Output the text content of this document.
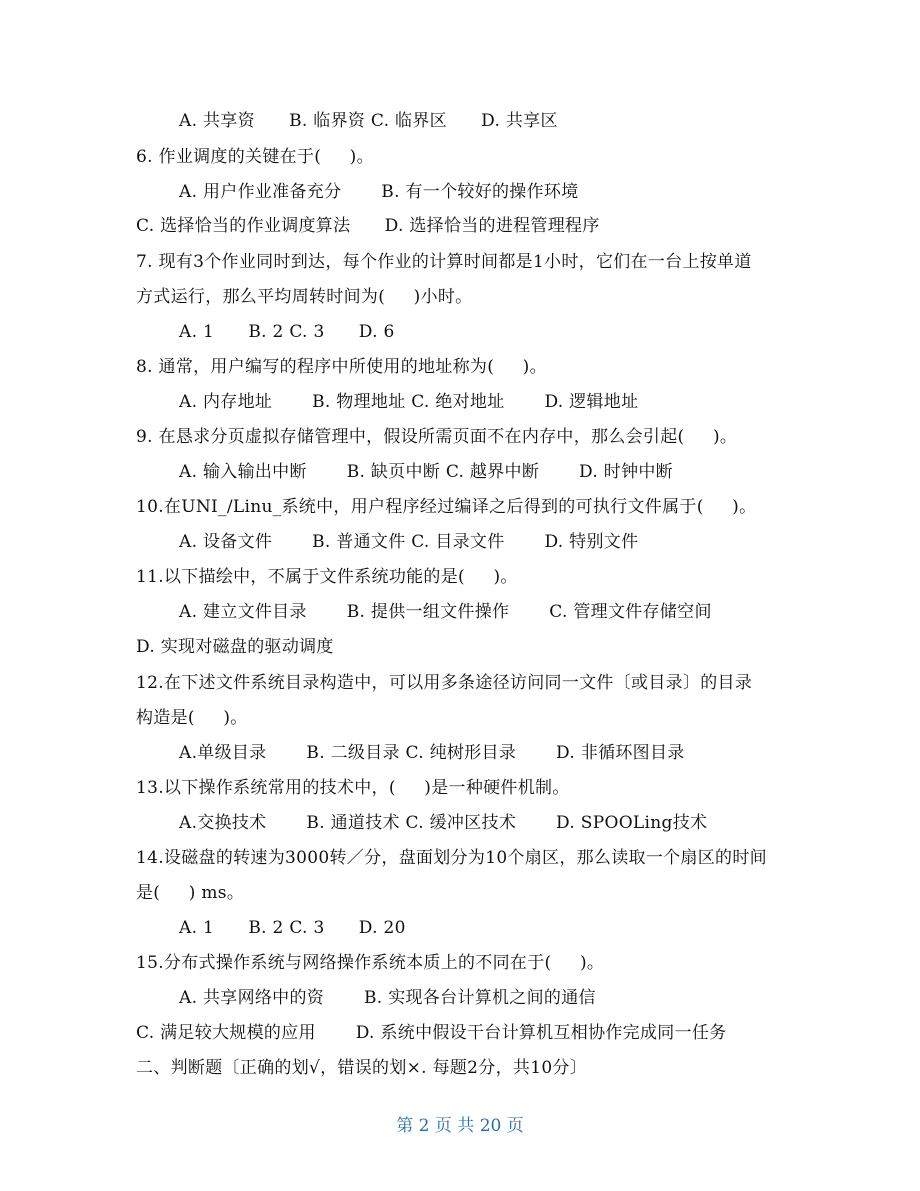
A. 共享资      B. 临界资 C. 临界区      D. 共享区
6. 作业调度的关键在于(     )。
A. 用户作业准备充分       B. 有一个较好的操作环境
C. 选择恰当的作业调度算法      D. 选择恰当的进程管理程序
7. 现有3个作业同时到达，每个作业的计算时间都是1小时，它们在一台上按单道
方式运行，那么平均周转时间为(     )小时。
A. 1      B. 2 C. 3      D. 6
8. 通常，用户编写的程序中所使用的地址称为(     )。
A. 内存地址       B. 物理地址 C. 绝对地址       D. 逻辑地址
9. 在恳求分页虚拟存储管理中，假设所需页面不在内存中，那么会引起(     )。
A. 输入输出中断       B. 缺页中断 C. 越界中断       D. 时钟中断
10.在UNI_/Linu_系统中，用户程序经过编译之后得到的可执行文件属于(     )。
A. 设备文件       B. 普通文件 C. 目录文件       D. 特别文件
11.以下描绘中，不属于文件系统功能的是(     )。
A. 建立文件目录       B. 提供一组文件操作       C. 管理文件存储空间
D. 实现对磁盘的驱动调度
12.在下述文件系统目录构造中，可以用多条途径访问同一文件〔或目录〕的目录
构造是(     )。
A.单级目录       B. 二级目录 C. 纯树形目录       D. 非循环图目录
13.以下操作系统常用的技术中，(     )是一种硬件机制。
A.交换技术       B. 通道技术 C. 缓冲区技术       D. SPOOLing技术
14.设磁盘的转速为3000转／分，盘面划分为10个扇区，那么读取一个扇区的时间
是(     ) ms。
A. 1      B. 2 C. 3      D. 20
15.分布式操作系统与网络操作系统本质上的不同在于(     )。
A. 共享网络中的资       B. 实现各台计算机之间的通信
C. 满足较大规模的应用       D. 系统中假设干台计算机互相协作完成同一任务
二、判断题〔正确的划√，错误的划×. 每题2分，共10分〕
第 2 页 共 20 页
